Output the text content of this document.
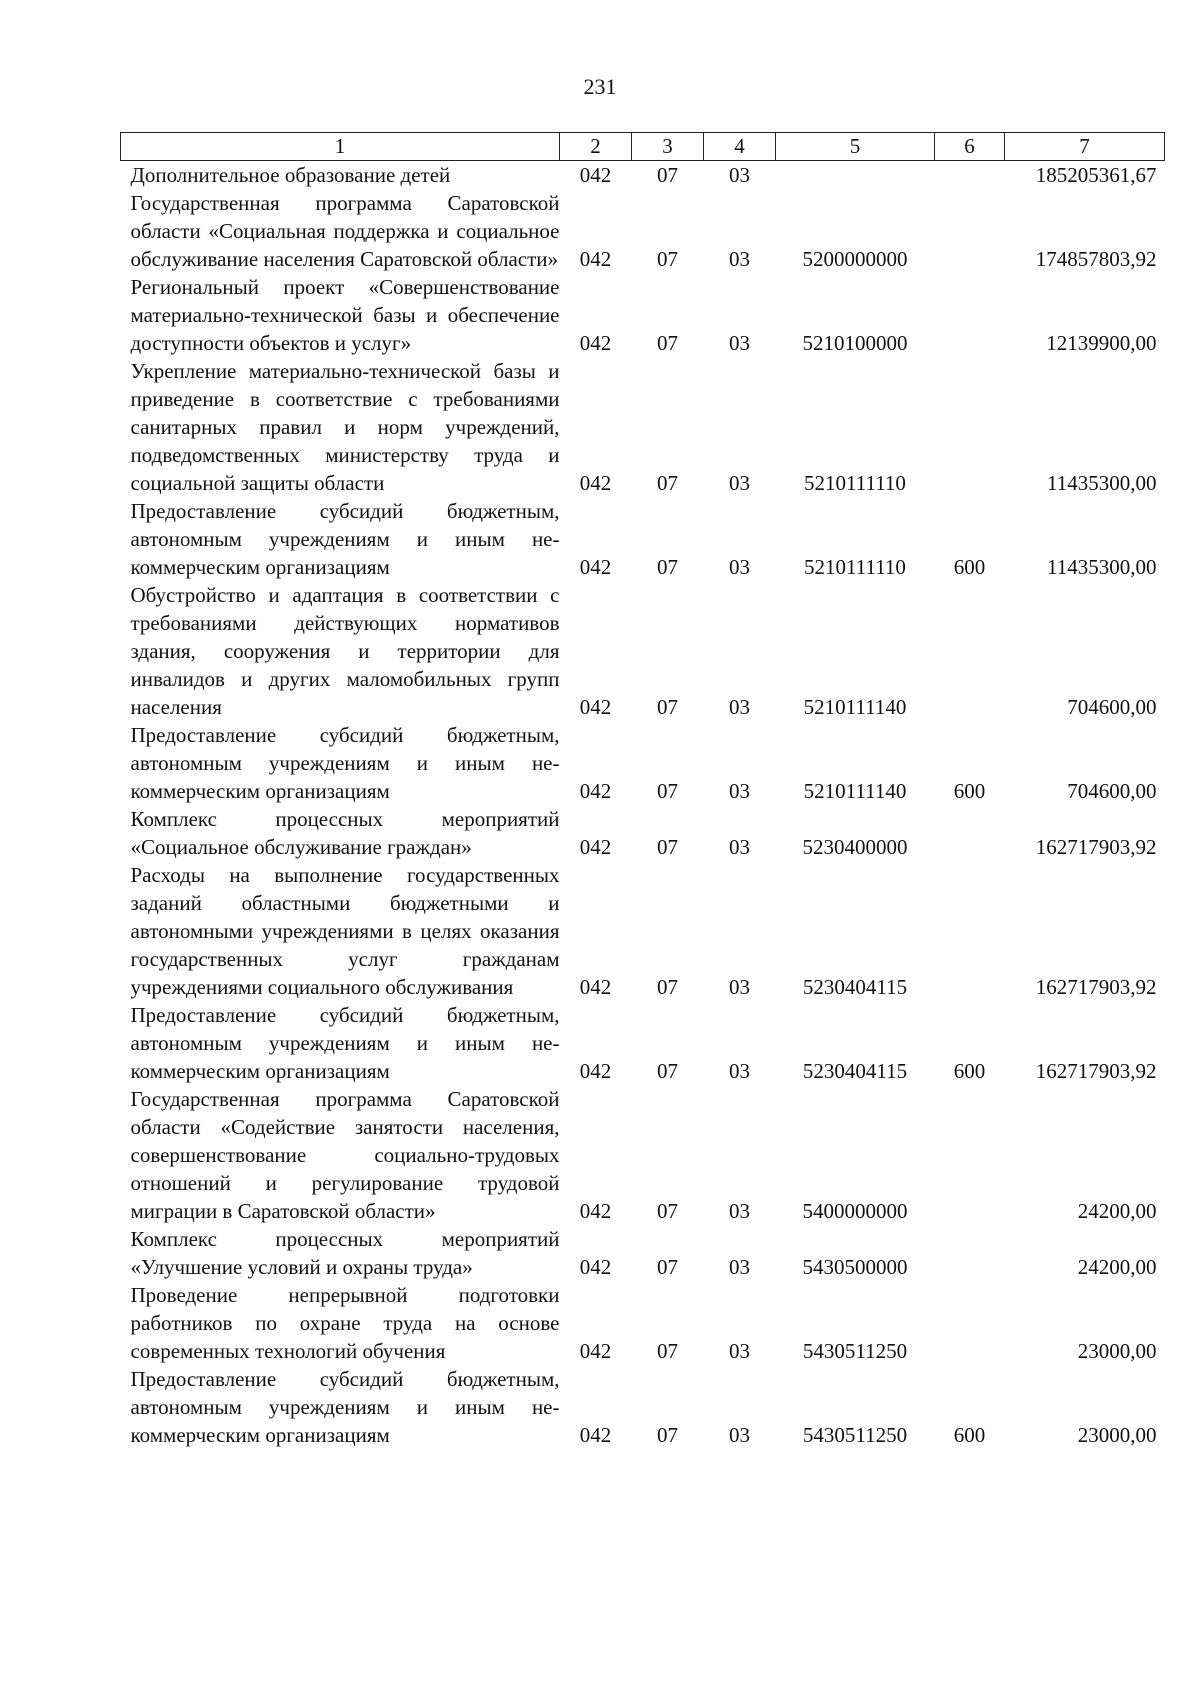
231
1	2	3	4	5	6	7
Дополнительное образование детей	042	07	03			185205361,67
Государственная программа Саратовской области «Социальная поддержка и социальное обслуживание населения Саратовской области»	042	07	03	5200000000		174857803,92
Региональный проект «Совершенствование материально-технической базы и обеспечение доступности объектов и услуг»	042	07	03	5210100000		12139900,00
Укрепление материально-технической базы и приведение в соответствие с требованиями санитарных правил и норм учреждений, подведомственных министерству труда и социальной защиты области	042	07	03	5210111110		11435300,00
Предоставление субсидий бюджетным, автономным учреждениям и иным некоммерческим организациям	042	07	03	5210111110	600	11435300,00
Обустройство и адаптация в соответствии с требованиями действующих нормативов здания, сооружения и территории для инвалидов и других маломобильных групп населения	042	07	03	5210111140		704600,00
Предоставление субсидий бюджетным, автономным учреждениям и иным некоммерческим организациям	042	07	03	5210111140	600	704600,00
Комплекс процессных мероприятий «Социальное обслуживание граждан»	042	07	03	5230400000		162717903,92
Расходы на выполнение государственных заданий областными бюджетными и автономными учреждениями в целях оказания государственных услуг гражданам учреждениями социального обслуживания	042	07	03	5230404115		162717903,92
Предоставление субсидий бюджетным, автономным учреждениям и иным некоммерческим организациям	042	07	03	5230404115	600	162717903,92
Государственная программа Саратовской области «Содействие занятости населения, совершенствование социально-трудовых отношений и регулирование трудовой миграции в Саратовской области»	042	07	03	5400000000		24200,00
Комплекс процессных мероприятий «Улучшение условий и охраны труда»	042	07	03	5430500000		24200,00
Проведение непрерывной подготовки работников по охране труда на основе современных технологий обучения	042	07	03	5430511250		23000,00
Предоставление субсидий бюджетным, автономным учреждениям и иным некоммерческим организациям	042	07	03	5430511250	600	23000,00
